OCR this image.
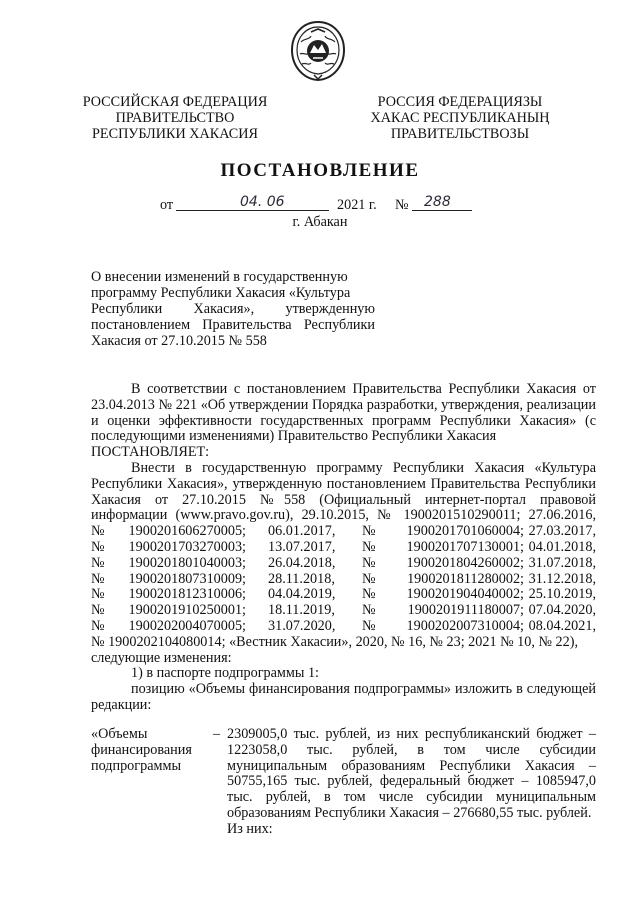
РОССИЙСКАЯ ФЕДЕРАЦИЯ
ПРАВИТЕЛЬСТВО
РЕСПУБЛИКИ ХАКАСИЯ
РОССИЯ ФЕДЕРАЦИЯЗЫ
ХАКАС РЕСПУБЛИКАНЫҢ
ПРАВИТЕЛЬСТВОЗЫ
ПОСТАНОВЛЕНИЕ
от	04. 06	2021 г. № 288
г. Абакан
О внесении изменений в государственную
программу Республики Хакасия «Культура
Республики Хакасия», утвержденную
постановлением Правительства Республики
Хакасия от 27.10.2015 № 558

В соответствии с постановлением Правительства Республики Хакасия от 23.04.2013 № 221 «Об утверждении Порядка разработки, утверждения, реализации и оценки эффективности государственных программ Республики Хакасия» (с последующими изменениями) Правительство Республики Хакасия

ПОСТАНОВЛЯЕТ:

Внести в государственную программу Республики Хакасия «Культура Республики Хакасия», утвержденную постановлением Правительства Республики Хакасия от 27.10.2015 №558 (Официальный интернет-портал правовой информации (www.pravo.gov.ru), 29.10.2015, № 1900201510290011; 27.06.2016,

№	1900201606270005;	06.01.2017,	№	1900201701060004;	27.03.2017,
№	1900201703270003;	13.07.2017,	№	1900201707130001;	04.01.2018,
№	1900201801040003;	26.04.2018,	№	1900201804260002;	31.07.2018,
№	1900201807310009;	28.11.2018,	№	1900201811280002;	31.12.2018,
№	1900201812310006;	04.04.2019,	№	1900201904040002;	25.10.2019,
№	1900201910250001;	18.11.2019,	№	1900201911180007;	07.04.2020,
№	1900202004070005;	31.07.2020,	№	1900202007310004;	08.04.2021,

№ 1900202104080014; «Вестник Хакасии», 2020, № 16, № 23; 2021 № 10, № 22), следующие изменения:

1) в паспорте подпрограммы 1:

позицию «Объемы финансирования подпрограммы» изложить в следующей редакции:

«Объемы финансирования подпрограммы
– 2309005,0 тыс. рублей, из них республиканский бюджет – 1223058,0 тыс. рублей, в том числе субсидии муниципальным образованиям Республики Хакасия – 50755,165 тыс. рублей, федеральный бюджет – 1085947,0 тыс. рублей, в том числе субсидии муниципальным образованиям Республики Хакасия – 276680,55 тыс. рублей.
Из них:
